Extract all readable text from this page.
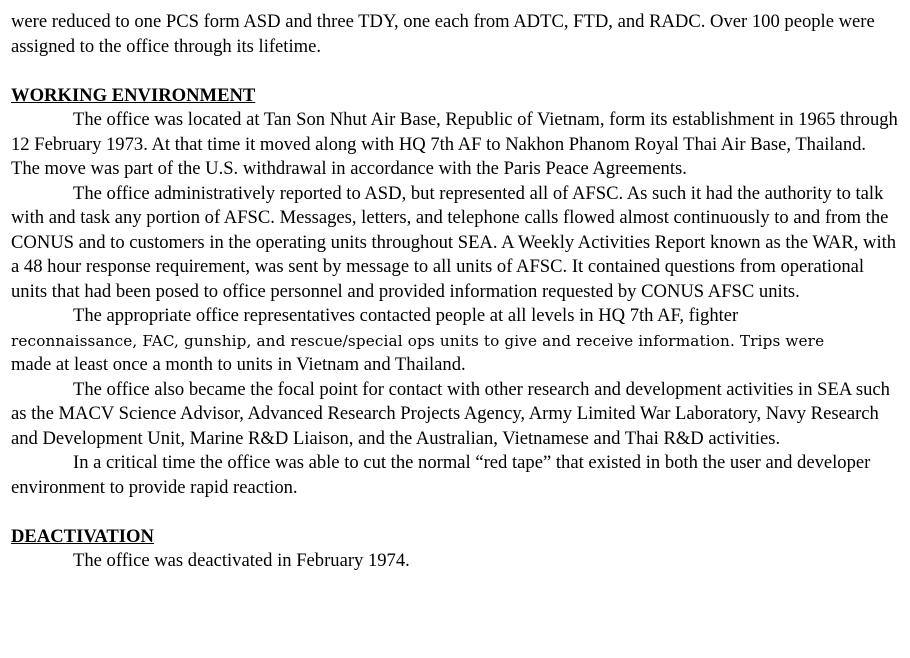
were reduced to one PCS form ASD and three TDY, one each from ADTC, FTD, and RADC. Over 100 people were assigned to the office through its lifetime.

WORKING ENVIRONMENT

The office was located at Tan Son Nhut Air Base, Republic of Vietnam, form its establishment in 1965 through 12 February 1973. At that time it moved along with HQ 7th AF to Nakhon Phanom Royal Thai Air Base, Thailand. The move was part of the U.S. withdrawal in accordance with the Paris Peace Agreements.

The office administratively reported to ASD, but represented all of AFSC. As such it had the authority to talk with and task any portion of AFSC. Messages, letters, and telephone calls flowed almost continuously to and from the CONUS and to customers in the operating units throughout SEA. A Weekly Activities Report known as the WAR, with a 48 hour response requirement, was sent by message to all units of AFSC. It contained questions from operational units that had been posed to office personnel and provided information requested by CONUS AFSC units.

The appropriate office representatives contacted people at all levels in HQ 7th AF, fighter

reconnaissance, FAC, gunship, and rescue/special ops units to give and receive information. Trips were

made at least once a month to units in Vietnam and Thailand.

The office also became the focal point for contact with other research and development activities in SEA such as the MACV Science Advisor, Advanced Research Projects Agency, Army Limited War Laboratory, Navy Research and Development Unit, Marine R&D Liaison, and the Australian, Vietnamese and Thai R&D activities.

In a critical time the office was able to cut the normal “red tape” that existed in both the user and developer environment to provide rapid reaction.

DEACTIVATION

The office was deactivated in February 1974.
